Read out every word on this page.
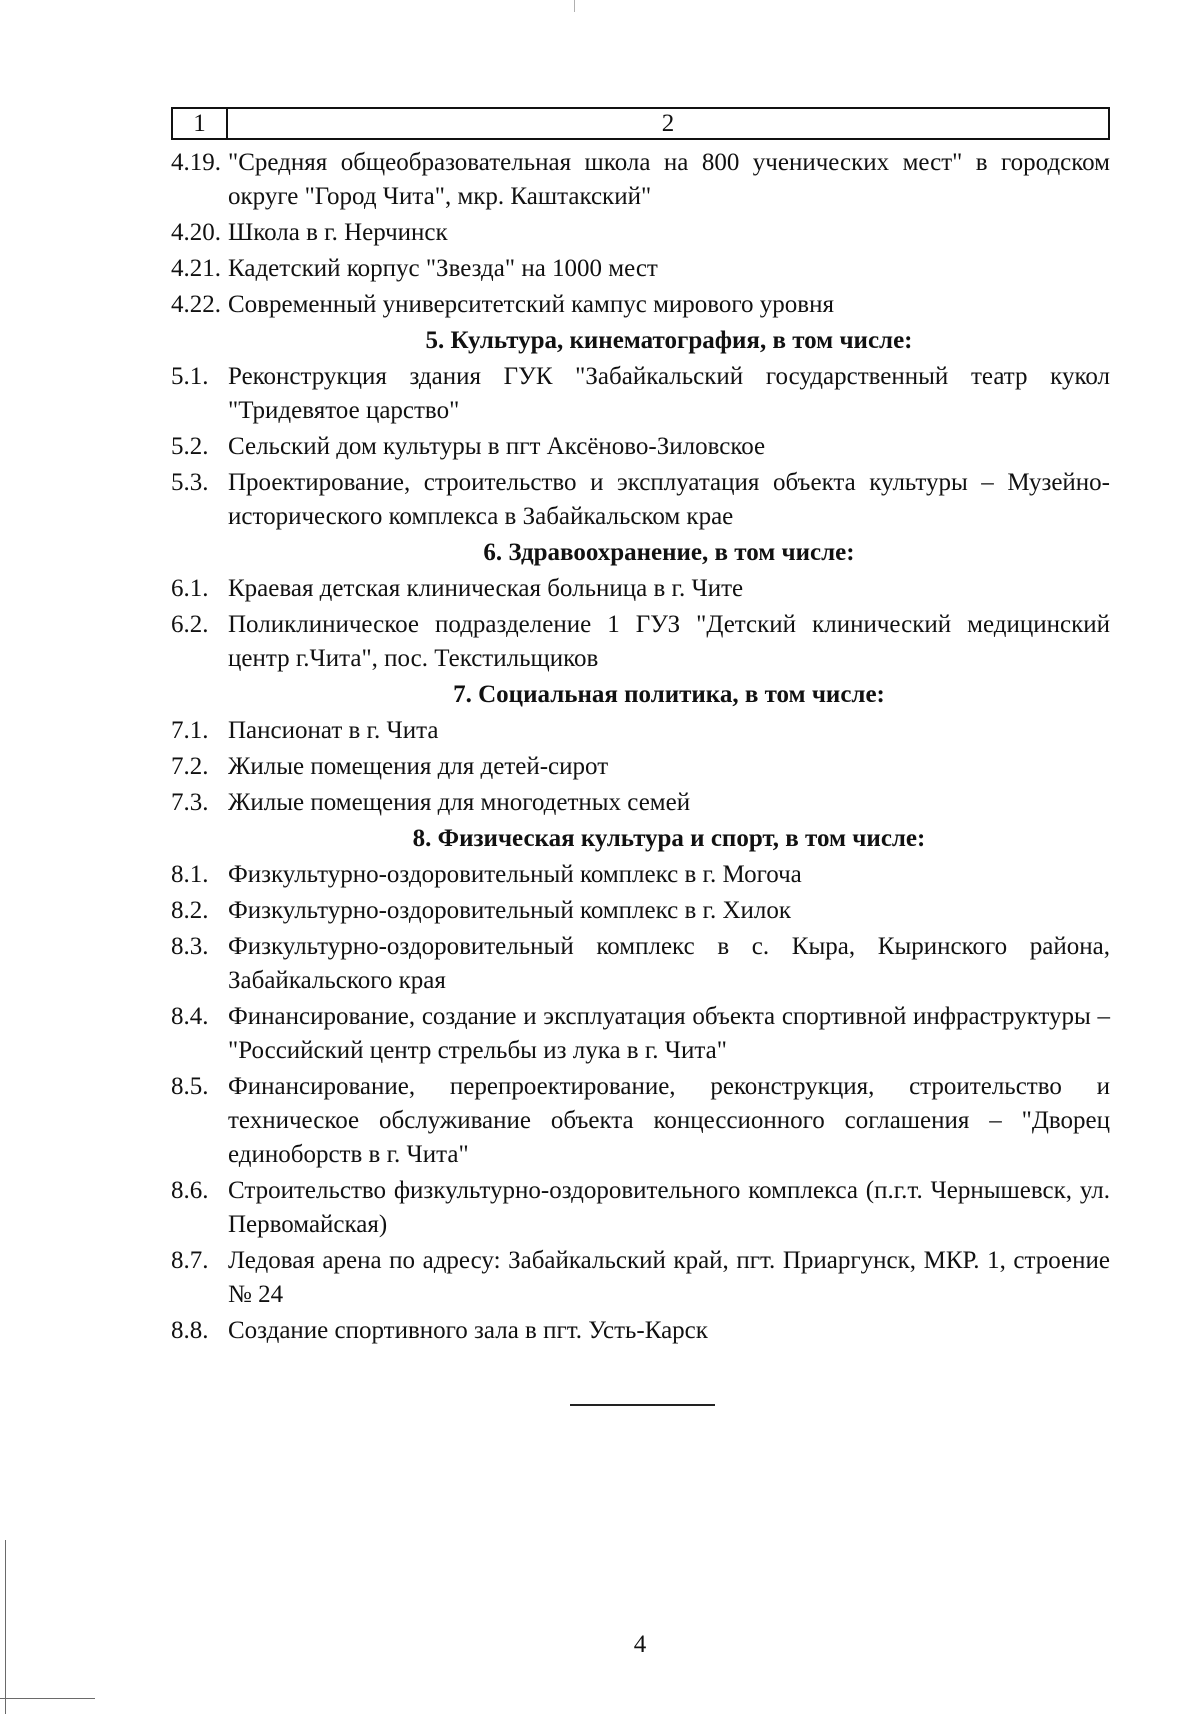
1	2
4.19. "Средняя общеобразовательная школа на 800 ученических мест" в городском округе "Город Чита", мкр. Каштакский"
4.20. Школа в г. Нерчинск
4.21. Кадетский корпус "Звезда" на 1000 мест
4.22. Современный университетский кампус мирового уровня
5. Культура, кинематография, в том числе:
5.1. Реконструкция здания ГУК "Забайкальский государственный театр кукол "Тридевятое царство"
5.2. Сельский дом культуры в пгт Аксёново-Зиловское
5.3. Проектирование, строительство и эксплуатация объекта культуры – Музейно-исторического комплекса в Забайкальском крае
6. Здравоохранение, в том числе:
6.1. Краевая детская клиническая больница в г. Чите
6.2. Поликлиническое подразделение 1 ГУЗ "Детский клинический медицинский центр г.Чита", пос. Текстильщиков
7. Социальная политика, в том числе:
7.1. Пансионат в г. Чита
7.2. Жилые помещения для детей-сирот
7.3. Жилые помещения для многодетных семей
8. Физическая культура и спорт, в том числе:
8.1. Физкультурно-оздоровительный комплекс в г. Могоча
8.2. Физкультурно-оздоровительный комплекс в г. Хилок
8.3. Физкультурно-оздоровительный комплекс в с. Кыра, Кыринского района, Забайкальского края
8.4. Финансирование, создание и эксплуатация объекта спортивной инфраструктуры – "Российский центр стрельбы из лука в г. Чита"
8.5. Финансирование, перепроектирование, реконструкция, строительство и техническое обслуживание объекта концессионного соглашения – "Дворец единоборств в г. Чита"
8.6. Строительство физкультурно-оздоровительного комплекса (п.г.т. Чернышевск, ул. Первомайская)
8.7. Ледовая арена по адресу: Забайкальский край, пгт. Приаргунск, МКР. 1, строение № 24
8.8. Создание спортивного зала в пгт. Усть-Карск
4
